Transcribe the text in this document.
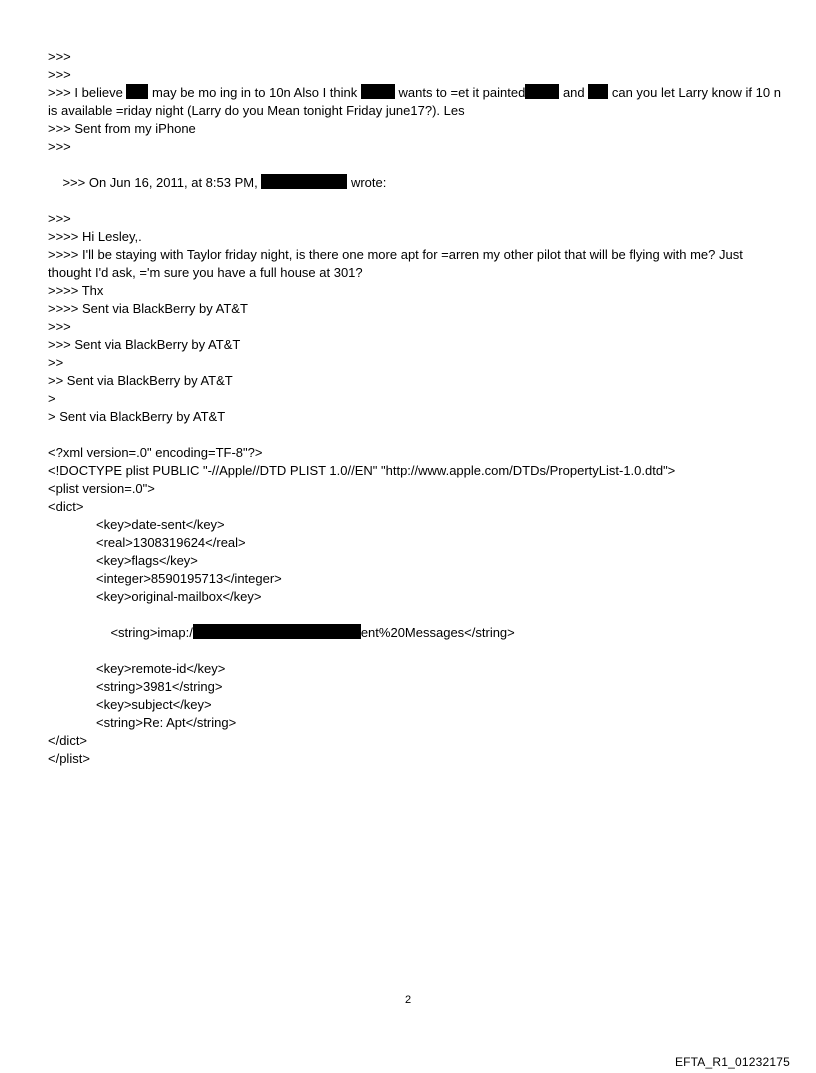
>>>
>>>
>>> I believe  may be mo ing in to 10n Also I think	wants to =et it painted	and  can you let Larry know if 10 n is available =riday night (Larry do you Mean tonight Friday june17?). Les
>>> Sent from my iPhone
>>>

>>> On Jun 16, 2011, at 8:53 PM,	wrote:

>>>
>>>> Hi Lesley,.
>>>> I'll be staying with Taylor friday night, is there one more apt for =arren my other pilot that will be flying with me? Just thought I'd ask, ='m sure you have a full house at 301?
>>>> Thx
>>>> Sent via BlackBerry by AT&T
>>>
>>> Sent via BlackBerry by AT&T
>>
>> Sent via BlackBerry by AT&T
>
> Sent via BlackBerry by AT&T
<?xml version=.0" encoding=TF-8"?>
<!DOCTYPE plist PUBLIC "-//Apple//DTD PLIST 1.0//EN" "http://www.apple.com/DTDs/PropertyList-1.0.dtd">
<plist version=.0">
<dict>
<key>date-sent</key>
<real>1308319624</real>
<key>flags</key>
<integer>8590195713</integer>
<key>original-mailbox</key>

<string>imap:/	ent%20Messages</string>

<key>remote-id</key>
<string>3981</string>
<key>subject</key>
<string>Re: Apt</string>
</dict>
</plist>
2
EFTA_R1_01232175
